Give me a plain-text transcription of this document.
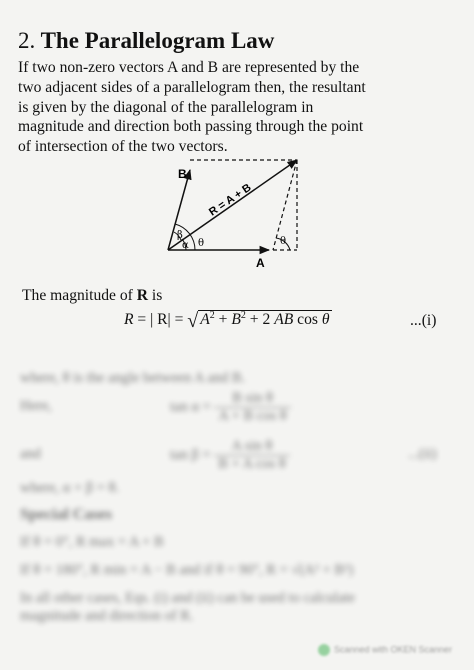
2. The Parallelogram Law
If two non-zero vectors A and B are represented by the
two adjacent sides of a parallelogram then, the resultant
is given by the diagonal of the parallelogram in
magnitude and direction both passing through the point
of intersection of the two vectors.
B
A
R = A + B
β
α θ	θ
The magnitude of R is
R = | R| = √ $A^2 + B^2 + 2$ AB cos θ	...(i)
where, θ is the angle between A and B.
Here,	$\tan \alpha = \frac{\text{B sin θ}}{\text{A + B cos θ}}$
and	$\tan \beta = \frac{\text{A sin θ}}{\text{B + A cos θ}}$	...(ii)
where, α + β = θ.
Special Cases
If θ = 0°, R max = A + B
If θ = 180°, R min = A − B and if θ = 90°, R = √(A² + B²)
In all other cases, Eqs. (i) and (ii) can be used to calculate
magnitude and direction of R.
Scanned with OKEN Scanner
